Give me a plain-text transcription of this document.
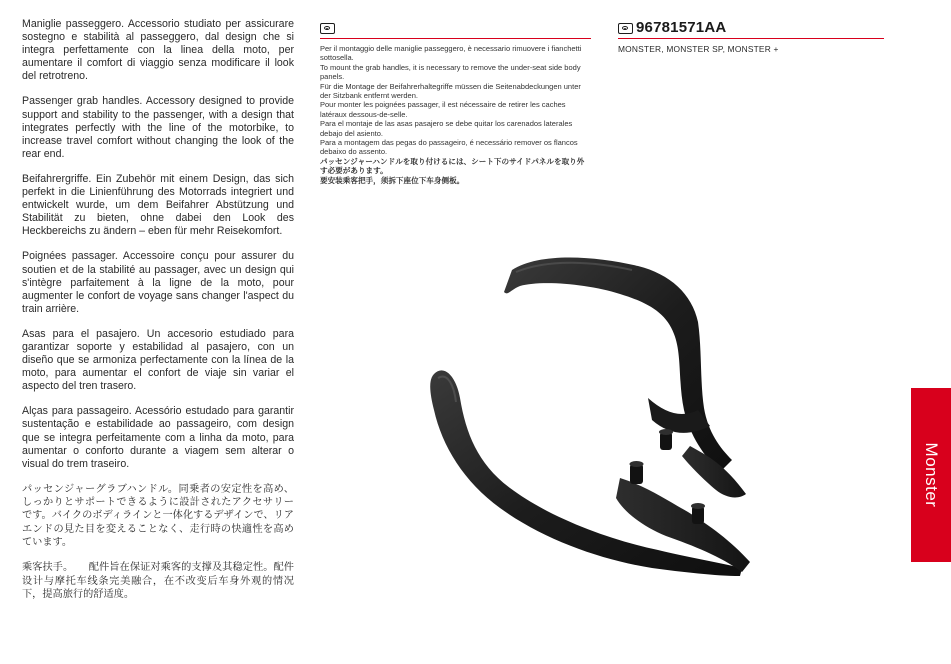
Maniglie passeggero. Accessorio studiato per assicurare sostegno e stabilità al passeggero, dal design che si integra perfettamente con la linea della moto, per aumentare il comfort di viaggio senza modificare il look del retrotreno.

Passenger grab handles. Accessory designed to provide support and stability to the passenger, with a design that integrates perfectly with the line of the motorbike, to increase travel comfort without changing the look of the rear end.

Beifahrergriffe. Ein Zubehör mit einem Design, das sich perfekt in die Linienführung des Motorrads integriert und entwickelt wurde, um dem Beifahrer Abstützung und Stabilität zu bieten, ohne dabei den Look des Heckbereichs zu ändern – eben für mehr Reisekomfort.

Poignées passager. Accessoire conçu pour assurer du soutien et de la stabilité au passager, avec un design qui s'intègre parfaitement à la ligne de la moto, pour augmenter le confort de voyage sans changer l'aspect du train arrière.

Asas para el pasajero. Un accesorio estudiado para garantizar soporte y estabilidad al pasajero, con un diseño que se armoniza perfectamente con la línea de la moto, para aumentar el confort de viaje sin variar el aspecto del tren trasero.

Alças para passageiro. Acessório estudado para garantir sustentação e estabilidade ao passageiro, com design que se integra perfeitamente com a linha da moto, para aumentar o conforto durante a viagem sem alterar o visual do trem traseiro.

パッセンジャーグラブハンドル。同乗者の安定性を高め、しっかりとサポートできるように設計されたアクセサリーです。バイクのボディラインと一体化するデザインで、リアエンドの見た目を変えることなく、走行時の快適性を高めています。

乘客扶手。　　配件旨在保证对乘客的支撑及其稳定性。配件设计与摩托车线条完美融合，在不改变后车身外观的情况下，提高旅行的舒适度。

Per il montaggio delle maniglie passeggero, è necessario rimuovere i fianchetti sottosella.
To mount the grab handles, it is necessary to remove the under-seat side body panels.
Für die Montage der Beifahrerhaltegriffe müssen die Seitenabdeckungen unter der Sitzbank entfernt werden.
Pour monter les poignées passager, il est nécessaire de retirer les caches latéraux dessous-de-selle.
Para el montaje de las asas pasajero se debe quitar los carenados laterales debajo del asiento.
Para a montagem das pegas do passageiro, é necessário remover os flancos debaixo do assento.
パッセンジャーハンドルを取り付けるには、シート下のサイドパネルを取り外す必要があります。
要安装乘客把手，须拆下座位下车身侧板。
96781571AA
MONSTER, MONSTER SP, MONSTER +
Monster
